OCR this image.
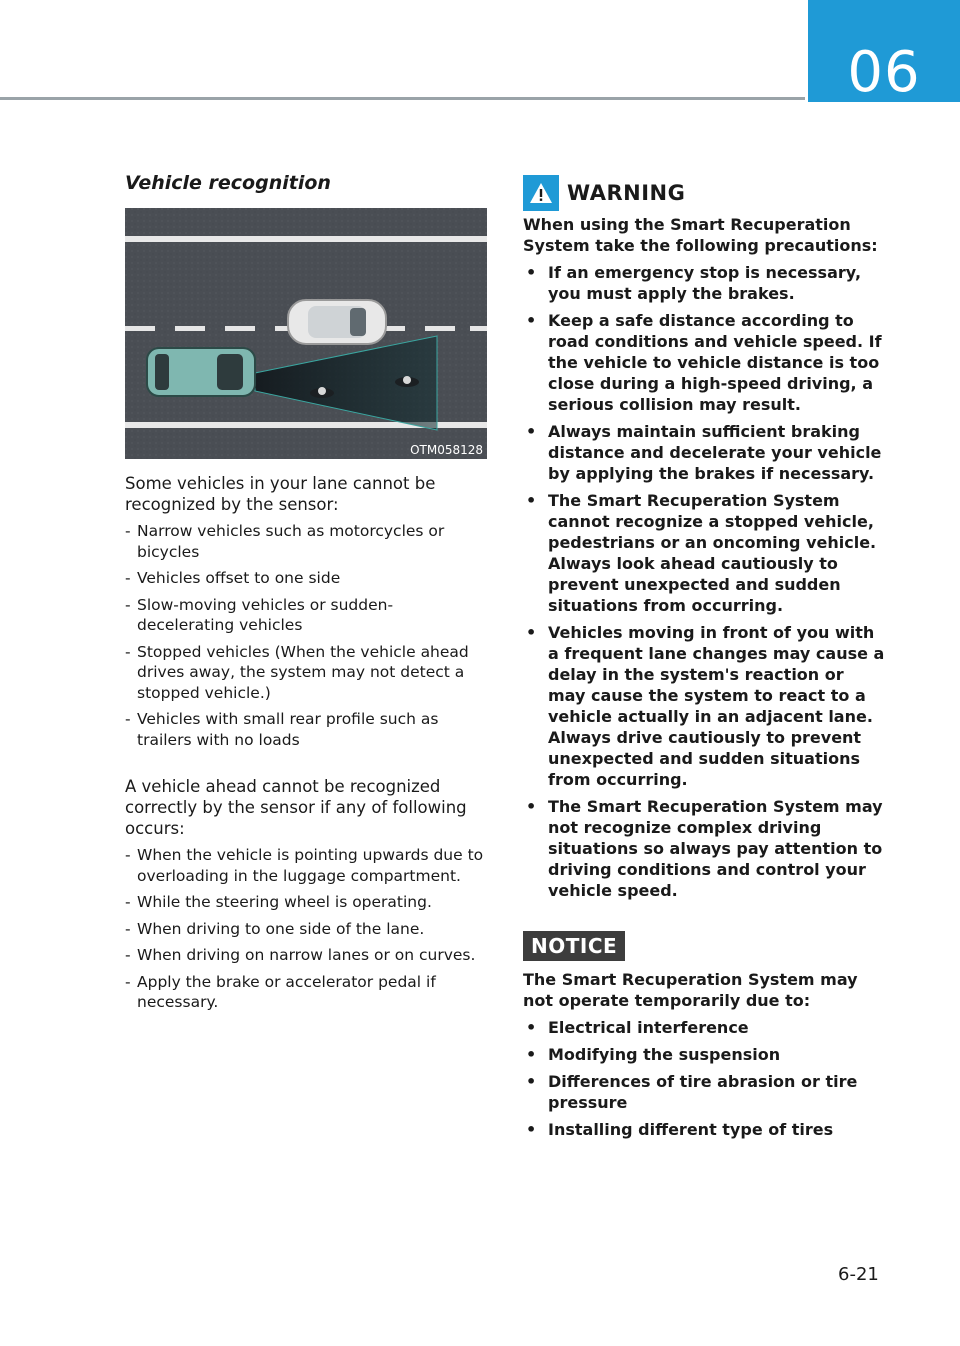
06
Vehicle recognition
OTM058128
Some vehicles in your lane cannot be recognized by the sensor:
- Narrow vehicles such as motorcycles or bicycles
- Vehicles offset to one side
- Slow-moving vehicles or sudden-decelerating vehicles
- Stopped vehicles (When the vehicle ahead drives away, the system may not detect a stopped vehicle.)
- Vehicles with small rear profile such as trailers with no loads
A vehicle ahead cannot be recognized correctly by the sensor if any of following occurs:
- When the vehicle is pointing upwards due to overloading in the luggage compartment.
- While the steering wheel is operating.
- When driving to one side of the lane.
- When driving on narrow lanes or on curves.
- Apply the brake or accelerator pedal if necessary.
WARNING
When using the Smart Recuperation System take the following precautions:
• If an emergency stop is necessary, you must apply the brakes.
• Keep a safe distance according to road conditions and vehicle speed. If the vehicle to vehicle distance is too close during a high-speed driving, a serious collision may result.
• Always maintain sufficient braking distance and decelerate your vehicle by applying the brakes if necessary.
• The Smart Recuperation System cannot recognize a stopped vehicle, pedestrians or an oncoming vehicle. Always look ahead cautiously to prevent unexpected and sudden situations from occurring.
• Vehicles moving in front of you with a frequent lane changes may cause a delay in the system's reaction or may cause the system to react to a vehicle actually in an adjacent lane. Always drive cautiously to prevent unexpected and sudden situations from occurring.
• The Smart Recuperation System may not recognize complex driving situations so always pay attention to driving conditions and control your vehicle speed.
NOTICE
The Smart Recuperation System may not operate temporarily due to:
• Electrical interference
• Modifying the suspension
• Differences of tire abrasion or tire pressure
• Installing different type of tires
6-21
